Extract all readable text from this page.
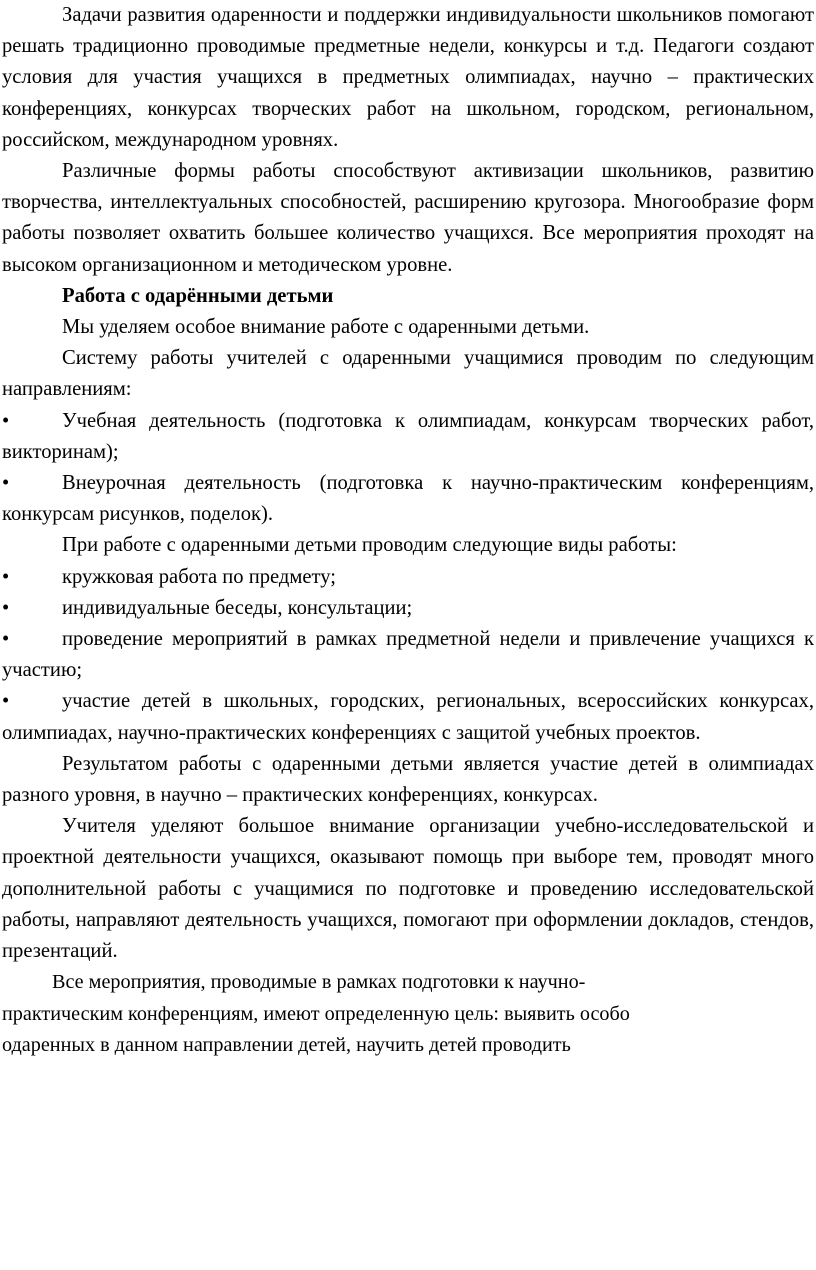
Задачи развития одаренности и поддержки индивидуальности школьников помогают решать традиционно проводимые предметные недели, конкурсы и т.д. Педагоги создают условия для участия учащихся в предметных олимпиадах, научно – практических конференциях, конкурсах творческих работ на школьном, городском, региональном, российском, международном уровнях.

Различные формы работы способствуют активизации школьников, развитию творчества, интеллектуальных способностей, расширению кругозора. Многообразие форм работы позволяет охватить большее количество учащихся. Все мероприятия проходят на высоком организационном и методическом уровне.

Работа с одарёнными детьми

Мы уделяем особое внимание работе с одаренными детьми.

Систему работы учителей с одаренными учащимися проводим по следующим направлениям:

•	Учебная деятельность (подготовка к олимпиадам, конкурсам творческих работ, викторинам);

•	Внеурочная деятельность (подготовка к научно-практическим конференциям, конкурсам рисунков, поделок).

При работе с одаренными детьми проводим следующие виды работы:

•	кружковая работа по предмету;

•	индивидуальные беседы, консультации;

•	проведение мероприятий в рамках предметной недели и привлечение учащихся к участию;

•	участие детей в школьных, городских, региональных, всероссийских конкурсах, олимпиадах, научно-практических конференциях с защитой учебных проектов.

Результатом работы с одаренными детьми является участие детей в олимпиадах разного уровня, в научно – практических конференциях, конкурсах.

Учителя уделяют большое внимание организации учебно-исследовательской и проектной деятельности учащихся, оказывают помощь при выборе тем, проводят много дополнительной работы с учащимися по подготовке и проведению исследовательской работы, направляют деятельность учащихся, помогают при оформлении докладов, стендов, презентаций.

Все мероприятия, проводимые в рамках подготовки к научно-
практическим конференциям, имеют определенную цель: выявить особо
одаренных в данном направлении детей, научить детей проводить
